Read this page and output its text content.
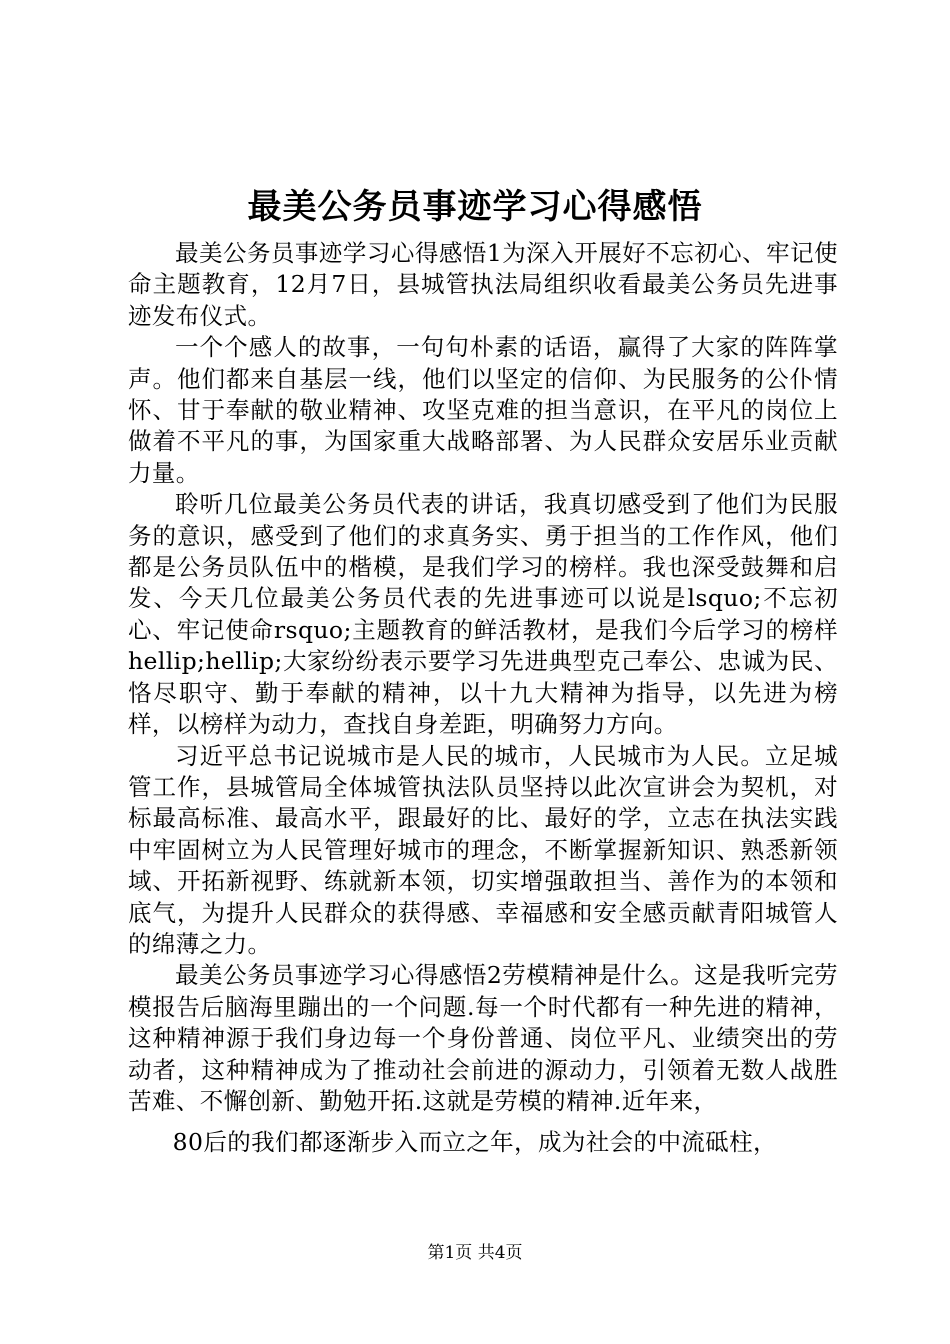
最美公务员事迹学习心得感悟

最美公务员事迹学习心得感悟1为深入开展好不忘初心、牢记使命主题教育，12月7日，县城管执法局组织收看最美公务员先进事迹发布仪式。

一个个感人的故事，一句句朴素的话语，赢得了大家的阵阵掌声。他们都来自基层一线，他们以坚定的信仰、为民服务的公仆情怀、甘于奉献的敬业精神、攻坚克难的担当意识，在平凡的岗位上做着不平凡的事，为国家重大战略部署、为人民群众安居乐业贡献力量。

聆听几位最美公务员代表的讲话，我真切感受到了他们为民服务的意识，感受到了他们的求真务实、勇于担当的工作作风，他们都是公务员队伍中的楷模，是我们学习的榜样。我也深受鼓舞和启发、今天几位最美公务员代表的先进事迹可以说是lsquo;不忘初心、牢记使命rsquo;主题教育的鲜活教材，是我们今后学习的榜样hellip;hellip;大家纷纷表示要学习先进典型克己奉公、忠诚为民、恪尽职守、勤于奉献的精神，以十九大精神为指导，以先进为榜样，以榜样为动力，查找自身差距，明确努力方向。

习近平总书记说城市是人民的城市，人民城市为人民。立足城管工作，县城管局全体城管执法队员坚持以此次宣讲会为契机，对标最高标准、最高水平，跟最好的比、最好的学，立志在执法实践中牢固树立为人民管理好城市的理念，不断掌握新知识、熟悉新领域、开拓新视野、练就新本领，切实增强敢担当、善作为的本领和底气，为提升人民群众的获得感、幸福感和安全感贡献青阳城管人的绵薄之力。

最美公务员事迹学习心得感悟2劳模精神是什么。这是我听完劳模报告后脑海里蹦出的一个问题.每一个时代都有一种先进的精神，这种精神源于我们身边每一个身份普通、岗位平凡、业绩突出的劳动者，这种精神成为了推动社会前进的源动力，引领着无数人战胜苦难、不懈创新、勤勉开拓.这就是劳模的精神.近年来，

80后的我们都逐渐步入而立之年，成为社会的中流砥柱，

第1页 共4页
